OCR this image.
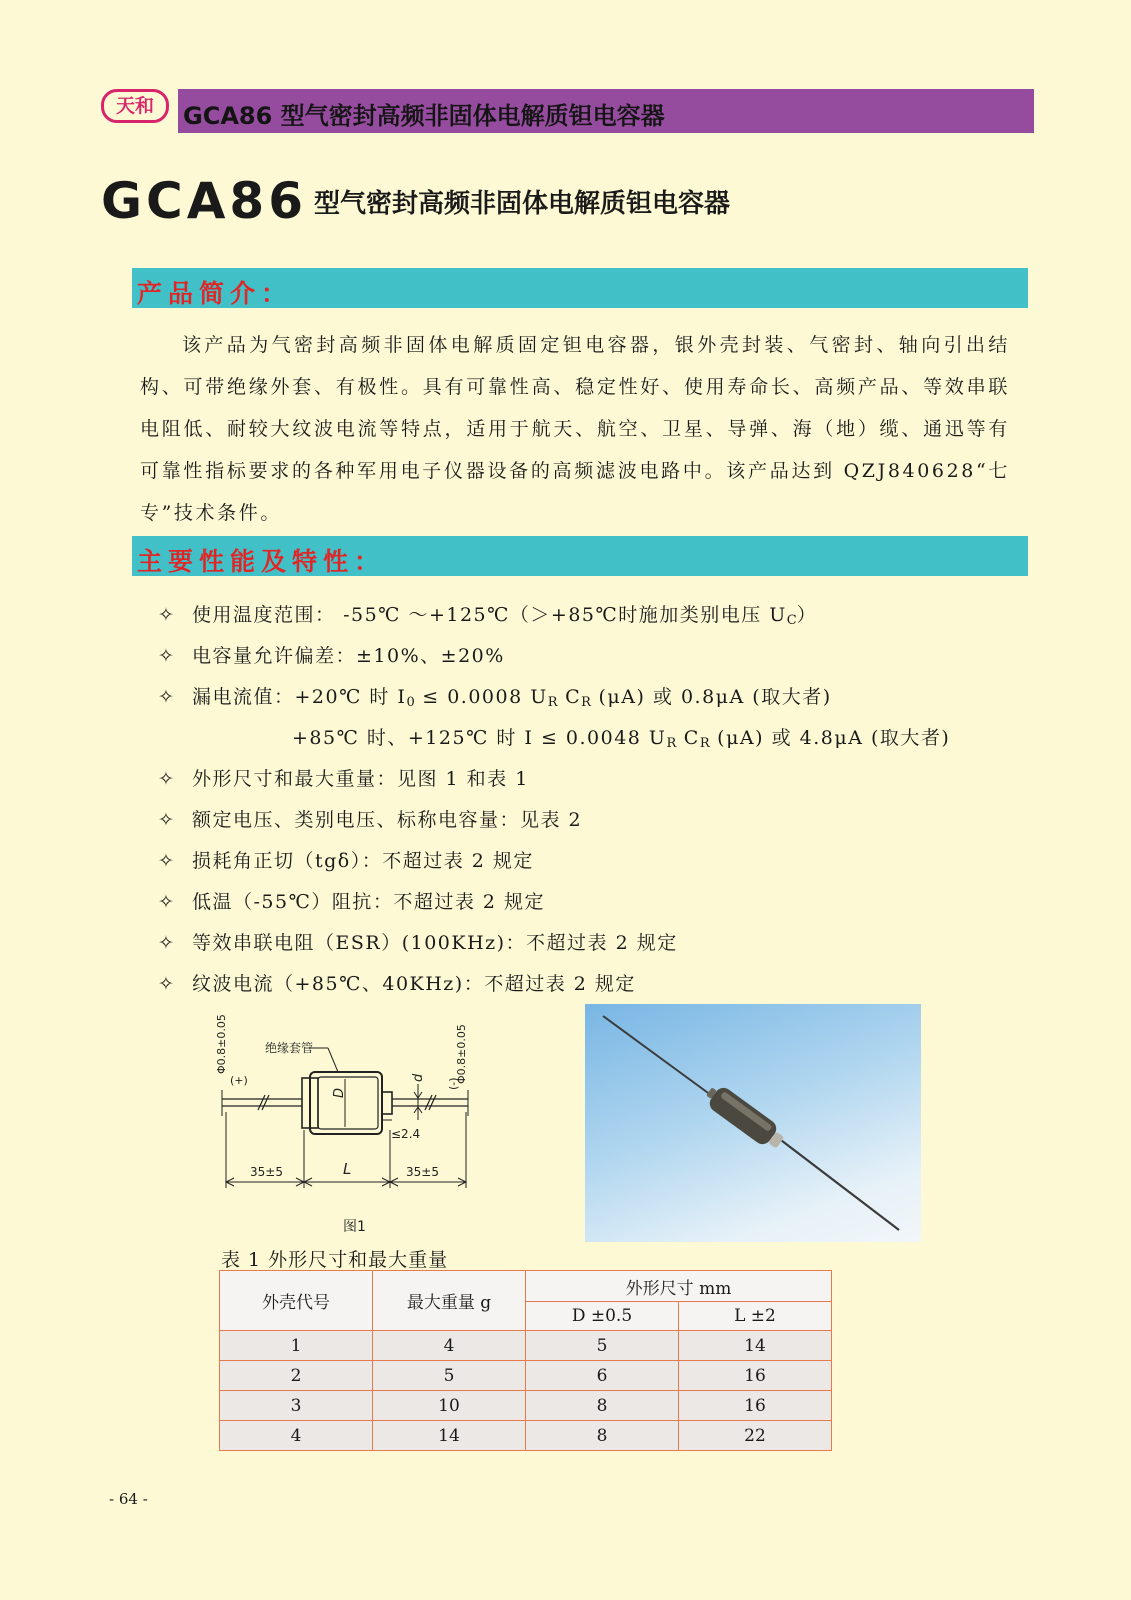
天和	GCA86 型气密封高频非固体电解质钽电容器
GCA86 型气密封高频非固体电解质钽电容器
产品简介：

该产品为气密封高频非固体电解质固定钽电容器，银外壳封装、气密封、轴向引出结构、可带绝缘外套、有极性。具有可靠性高、稳定性好、使用寿命长、高频产品、等效串联电阻低、耐较大纹波电流等特点，适用于航天、航空、卫星、导弹、海（地）缆、通迅等有可靠性指标要求的各种军用电子仪器设备的高频滤波电路中。该产品达到 QZJ840628“七专”技术条件。

主要性能及特性：
✧ 使用温度范围： -55℃ ～+125℃（＞+85℃时施加类别电压 $U_C$）
✧ 电容量允许偏差：±10%、±20%
✧ 漏电流值：+20℃ 时 $I_0 \le 0.0008$ $U_R$ $C_R$ (μA) 或 0.8μA (取大者)
+85℃ 时、+125℃ 时 I ≤ 0.0048 $U_R$ $C_R$ (μA) 或 4.8μA (取大者)
✧ 外形尺寸和最大重量：见图 1 和表 1
✧ 额定电压、类别电压、标称电容量：见表 2
✧ 损耗角正切（tgδ）：不超过表 2 规定
✧ 低温（-55℃）阻抗：不超过表 2 规定
✧ 等效串联电阻（ESR）(100KHz)：不超过表 2 规定
✧ 纹波电流（+85℃、40KHz)：不超过表 2 规定
绝缘套管
Φ0.8±0.05	Φ0.8±0.05
(+)	(-)
D
d
≤2.4
35±5	L	35±5
图1
表 1 外形尺寸和最大重量
外壳代号	最大重量 g	外形尺寸 mm	
		D ±0.5	L ±2
1	4	5	14
2	5	6	16
3	10	8	16
4	14	8	22
- 64 -
